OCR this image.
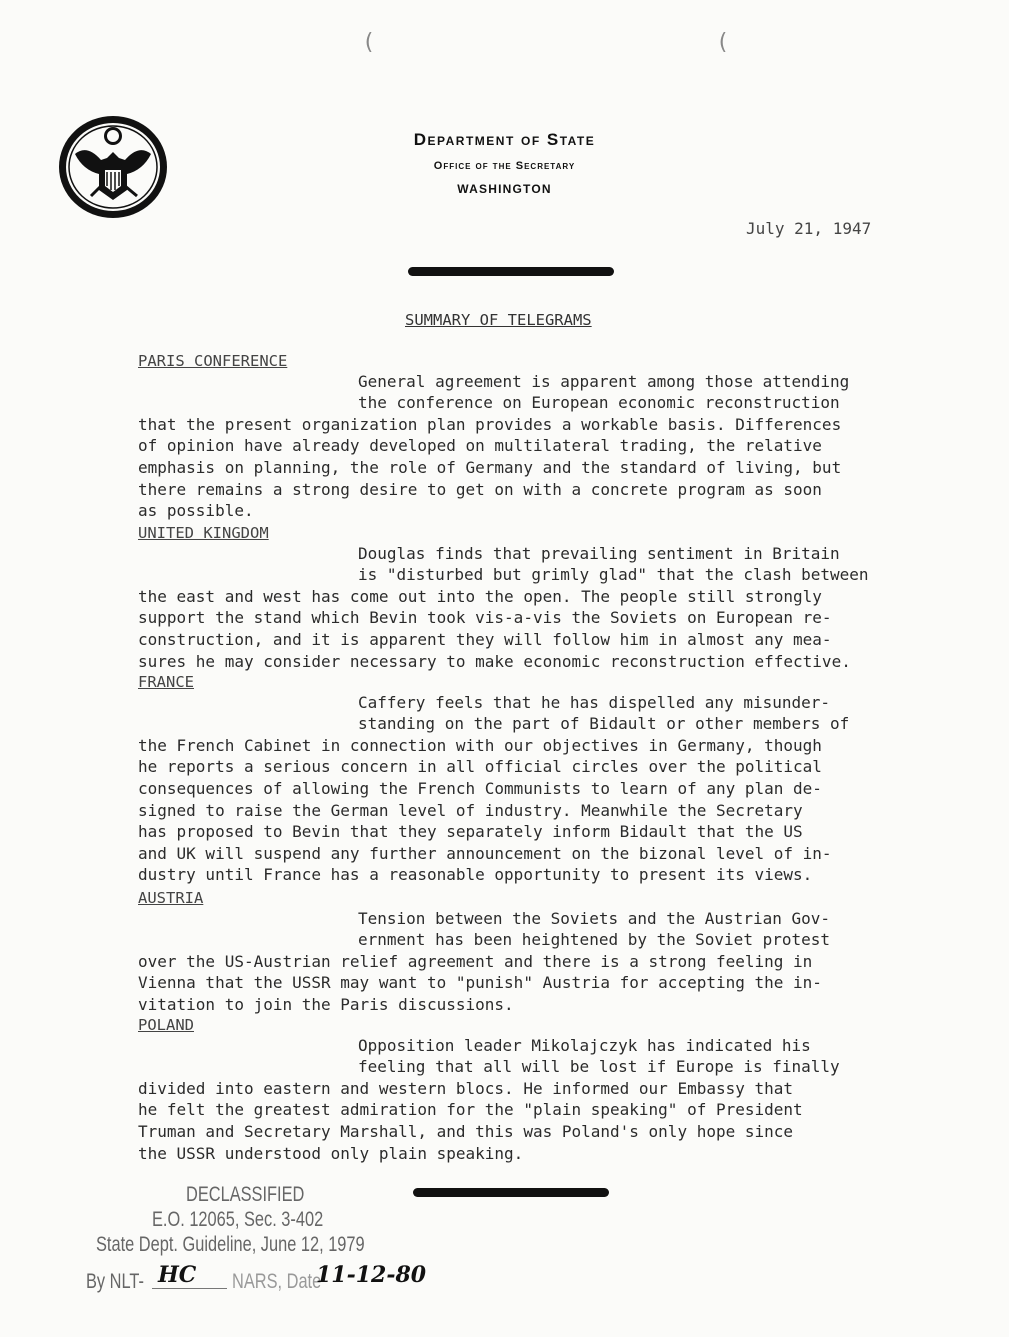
(	(
Department of State
Office of the Secretary
WASHINGTON
July 21, 1947
SUMMARY OF TELEGRAMS
PARIS CONFERENCE

General agreement is apparent among those attending
the conference on European economic reconstruction
that the present organization plan provides a workable basis. Differences
of opinion have already developed on multilateral trading, the relative
emphasis on planning, the role of Germany and the standard of living, but
there remains a strong desire to get on with a concrete program as soon
as possible.

UNITED KINGDOM

Douglas finds that prevailing sentiment in Britain
is "disturbed but grimly glad" that the clash between
the east and west has come out into the open. The people still strongly
support the stand which Bevin took vis-a-vis the Soviets on European re-
construction, and it is apparent they will follow him in almost any mea-
sures he may consider necessary to make economic reconstruction effective.

FRANCE

Caffery feels that he has dispelled any misunder-
standing on the part of Bidault or other members of
the French Cabinet in connection with our objectives in Germany, though
he reports a serious concern in all official circles over the political
consequences of allowing the French Communists to learn of any plan de-
signed to raise the German level of industry. Meanwhile the Secretary
has proposed to Bevin that they separately inform Bidault that the US
and UK will suspend any further announcement on the bizonal level of in-
dustry until France has a reasonable opportunity to present its views.

AUSTRIA

Tension between the Soviets and the Austrian Gov-
ernment has been heightened by the Soviet protest
over the US-Austrian relief agreement and there is a strong feeling in
Vienna that the USSR may want to "punish" Austria for accepting the in-
vitation to join the Paris discussions.

POLAND

Opposition leader Mikolajczyk has indicated his
feeling that all will be lost if Europe is finally
divided into eastern and western blocs. He informed our Embassy that
he felt the greatest admiration for the "plain speaking" of President
Truman and Secretary Marshall, and this was Poland's only hope since
the USSR understood only plain speaking.

DECLASSIFIED
E.O. 12065, Sec. 3-402
State Dept. Guideline, June 12, 1979
By NLT- HC NARS, Date
11-12-80
